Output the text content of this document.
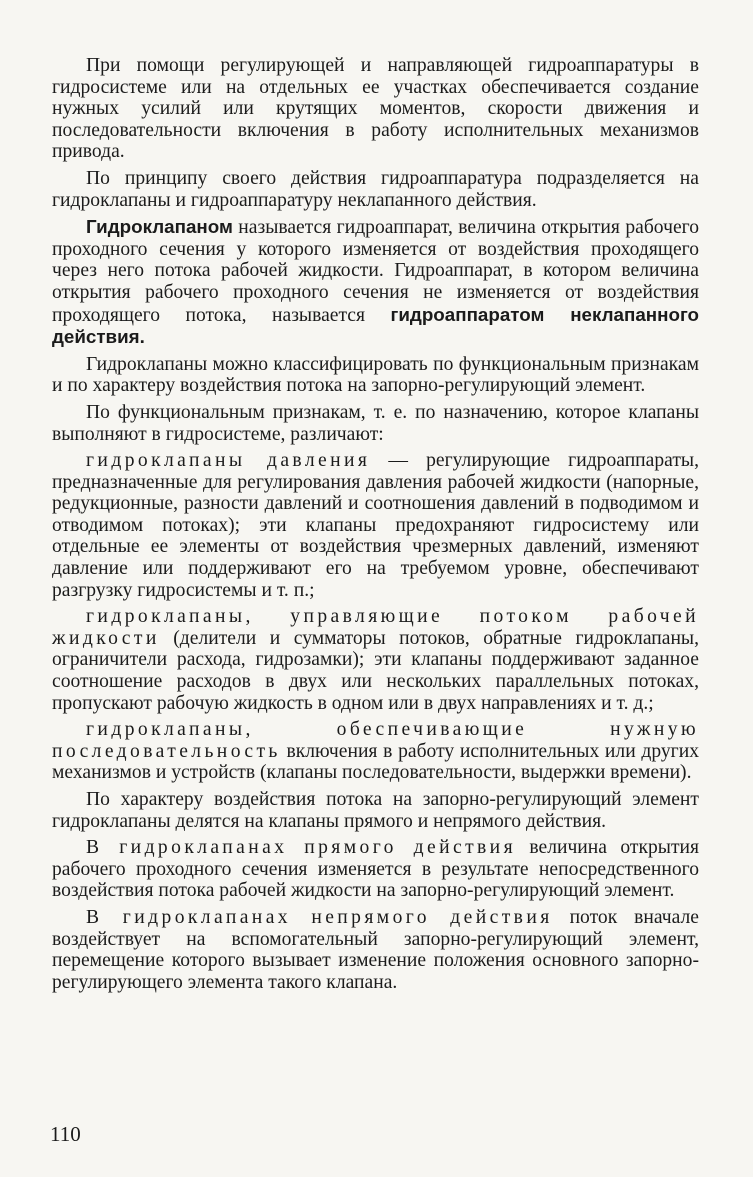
При помощи регулирующей и направляющей гидроаппаратуры в гидросистеме или на отдельных ее участках обеспечивается создание нужных усилий или крутящих моментов, скорости движения и последовательности включения в работу исполнительных механизмов привода.

По принципу своего действия гидроаппаратура подразделяется на гидроклапаны и гидроаппаратуру неклапанного действия.

Гидроклапаном называется гидроаппарат, величина открытия рабочего проходного сечения у которого изменяется от воздействия проходящего через него потока рабочей жидкости. Гидроаппарат, в котором величина открытия рабочего проходного сечения не изменяется от воздействия проходящего потока, называется гидроаппаратом неклапанного действия.

Гидроклапаны можно классифицировать по функциональным признакам и по характеру воздействия потока на запорно-регулирующий элемент.

По функциональным признакам, т. е. по назначению, которое клапаны выполняют в гидросистеме, различают:

гидроклапаны давления — регулирующие гидроаппараты, предназначенные для регулирования давления рабочей жидкости (напорные, редукционные, разности давлений и соотношения давлений в подводимом и отводимом потоках); эти клапаны предохраняют гидросистему или отдельные ее элементы от воздействия чрезмерных давлений, изменяют давление или поддерживают его на требуемом уровне, обеспечивают разгрузку гидросистемы и т. п.;

гидроклапаны, управляющие потоком рабочей жидкости (делители и сумматоры потоков, обратные гидроклапаны, ограничители расхода, гидрозамки); эти клапаны поддерживают заданное соотношение расходов в двух или нескольких параллельных потоках, пропускают рабочую жидкость в одном или в двух направлениях и т. д.;

гидроклапаны, обеспечивающие нужную последовательность включения в работу исполнительных или других механизмов и устройств (клапаны последовательности, выдержки времени).

По характеру воздействия потока на запорно-регулирующий элемент гидроклапаны делятся на клапаны прямого и непрямого действия.

В гидроклапанах прямого действия величина открытия рабочего проходного сечения изменяется в результате непосредственного воздействия потока рабочей жидкости на запорно-регулирующий элемент.

В гидроклапанах непрямого действия поток вначале воздействует на вспомогательный запорно-регулирующий элемент, перемещение которого вызывает изменение положения основного запорно-регулирующего элемента такого клапана.

110
